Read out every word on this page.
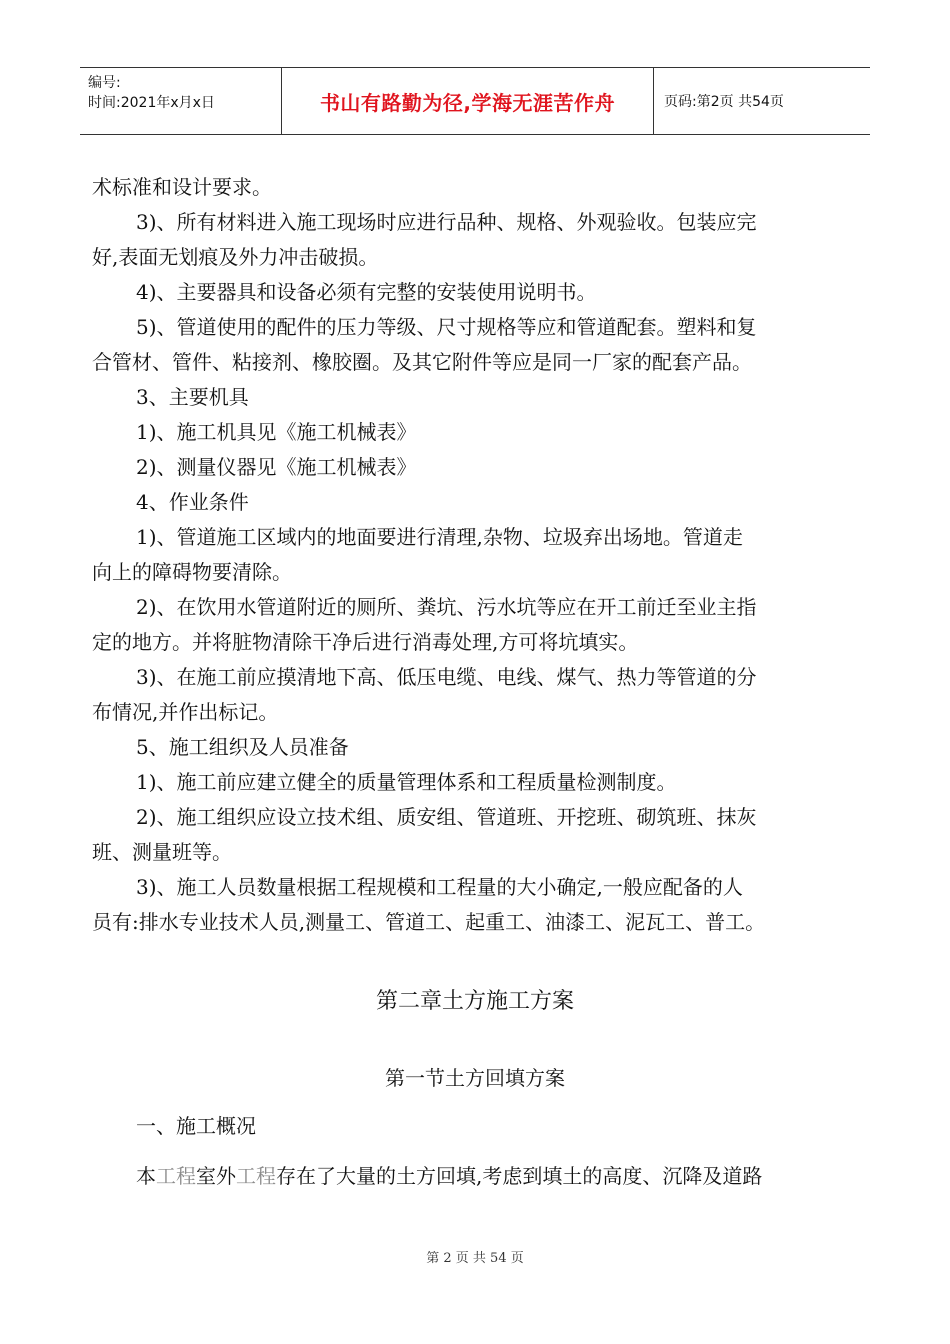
编号:
时间:2021年x月x日	书山有路勤为径,学海无涯苦作舟	页码:第2页 共54页

术标准和设计要求。

3)、所有材料进入施工现场时应进行品种、规格、外观验收。包装应完

好,表面无划痕及外力冲击破损。

4)、主要器具和设备必须有完整的安装使用说明书。

5)、管道使用的配件的压力等级、尺寸规格等应和管道配套。塑料和复

合管材、管件、粘接剂、橡胶圈。及其它附件等应是同一厂家的配套产品。

3、主要机具

1)、施工机具见《施工机械表》

2)、测量仪器见《施工机械表》

4、作业条件

1)、管道施工区域内的地面要进行清理,杂物、垃圾弃出场地。管道走

向上的障碍物要清除。

2)、在饮用水管道附近的厕所、粪坑、污水坑等应在开工前迁至业主指

定的地方。并将脏物清除干净后进行消毒处理,方可将坑填实。

3)、在施工前应摸清地下高、低压电缆、电线、煤气、热力等管道的分

布情况,并作出标记。

5、施工组织及人员准备

1)、施工前应建立健全的质量管理体系和工程质量检测制度。

2)、施工组织应设立技术组、质安组、管道班、开挖班、砌筑班、抹灰

班、测量班等。

3)、施工人员数量根据工程规模和工程量的大小确定,一般应配备的人

员有:排水专业技术人员,测量工、管道工、起重工、油漆工、泥瓦工、普工。

第二章土方施工方案
第一节土方回填方案
一、施工概况
本工程室外工程存在了大量的土方回填,考虑到填土的高度、沉降及道路
第 2 页 共 54 页
